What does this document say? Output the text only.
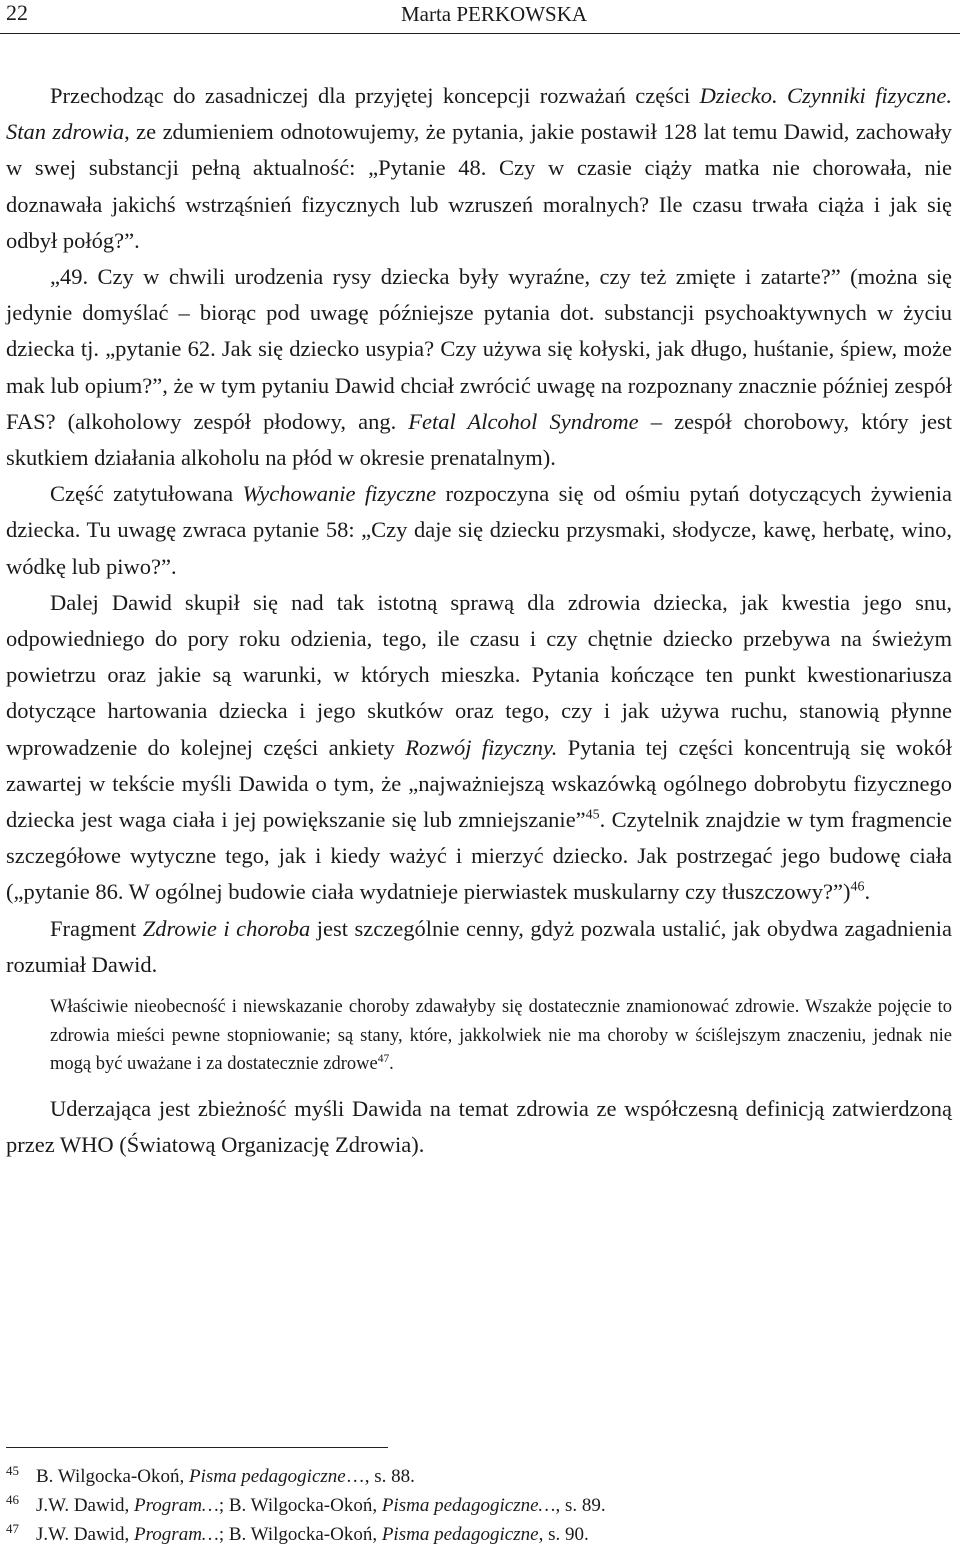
22	Marta PERKOWSKA

Przechodząc do zasadniczej dla przyjętej koncepcji rozważań części Dziecko. Czynniki fizyczne. Stan zdrowia, ze zdumieniem odnotowujemy, że pytania, jakie postawił 128 lat temu Dawid, zachowały w swej substancji pełną aktualność: „Pytanie 48. Czy w czasie ciąży matka nie chorowała, nie doznawała jakichś wstrząśnień fizycznych lub wzruszeń moralnych? Ile czasu trwała ciąża i jak się odbył połóg?”.

„49. Czy w chwili urodzenia rysy dziecka były wyraźne, czy też zmięte i zatarte?” (można się jedynie domyślać – biorąc pod uwagę późniejsze pytania dot. substancji psychoaktywnych w życiu dziecka tj. „pytanie 62. Jak się dziecko usypia? Czy używa się kołyski, jak długo, huśtanie, śpiew, może mak lub opium?”, że w tym pytaniu Dawid chciał zwrócić uwagę na rozpoznany znacznie później zespół FAS? (alkoholowy zespół płodowy, ang. Fetal Alcohol Syndrome – zespół chorobowy, który jest skutkiem działania alkoholu na płód w okresie prenatalnym).

Część zatytułowana Wychowanie fizyczne rozpoczyna się od ośmiu pytań dotyczących żywienia dziecka. Tu uwagę zwraca pytanie 58: „Czy daje się dziecku przysmaki, słodycze, kawę, herbatę, wino, wódkę lub piwo?”.

Dalej Dawid skupił się nad tak istotną sprawą dla zdrowia dziecka, jak kwestia jego snu, odpowiedniego do pory roku odzienia, tego, ile czasu i czy chętnie dziecko przebywa na świeżym powietrzu oraz jakie są warunki, w których mieszka. Pytania kończące ten punkt kwestionariusza dotyczące hartowania dziecka i jego skutków oraz tego, czy i jak używa ruchu, stanowią płynne wprowadzenie do kolejnej części ankiety Rozwój fizyczny. Pytania tej części koncentrują się wokół zawartej w tekście myśli Dawida o tym, że „najważniejszą wskazówką ogólnego dobrobytu fizycznego dziecka jest waga ciała i jej powiększanie się lub zmniejszanie”$^{45}$. Czytelnik znajdzie w tym fragmencie szczegółowe wytyczne tego, jak i kiedy ważyć i mierzyć dziecko. Jak postrzegać jego budowę ciała („pytanie 86. W ogólnej budowie ciała wydatnieje pierwiastek muskularny czy tłuszczowy?”)$^{46}$.

Fragment Zdrowie i choroba jest szczególnie cenny, gdyż pozwala ustalić, jak obydwa zagadnienia rozumiał Dawid.

Właściwie nieobecność i niewskazanie choroby zdawałyby się dostatecznie znamionować zdrowie. Wszakże pojęcie to zdrowia mieści pewne stopniowanie; są stany, które, jakkolwiek nie ma choroby w ściślejszym znaczeniu, jednak nie mogą być uważane i za dostatecznie zdrowe$^{47}$.

Uderzająca jest zbieżność myśli Dawida na temat zdrowia ze współczesną definicją zatwierdzoną przez WHO (Światową Organizację Zdrowia).

45 B. Wilgocka-Okoń, Pisma pedagogiczne…, s. 88.
46 J.W. Dawid, Program…; B. Wilgocka-Okoń, Pisma pedagogiczne…, s. 89.
47 J.W. Dawid, Program…; B. Wilgocka-Okoń, Pisma pedagogiczne, s. 90.
